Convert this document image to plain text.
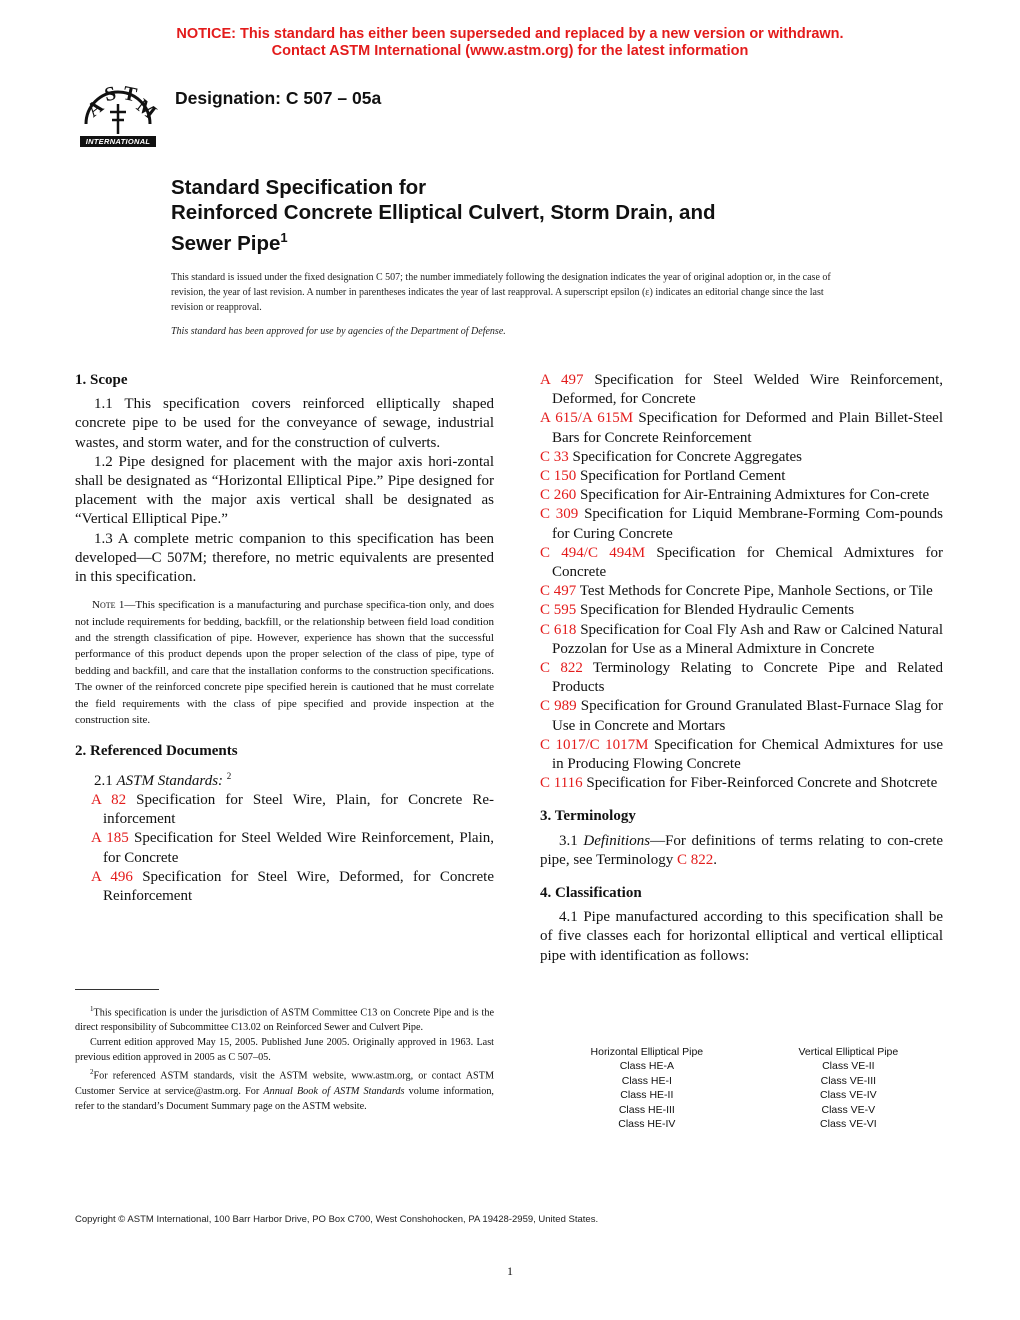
NOTICE: This standard has either been superseded and replaced by a new version or withdrawn.
Contact ASTM International (www.astm.org) for the latest information
A
S T
M
INTERNATIONAL
Designation: C 507 – 05a
Standard Specification for
Reinforced Concrete Elliptical Culvert, Storm Drain, and
Sewer Pipe$^1$
This standard is issued under the fixed designation C 507; the number immediately following the designation indicates the year of original adoption or, in the case of revision, the year of last revision. A number in parentheses indicates the year of last reapproval. A superscript epsilon (ε) indicates an editorial change since the last revision or reapproval.
This standard has been approved for use by agencies of the Department of Defense.

1. Scope

1.1 This specification covers reinforced elliptically shaped concrete pipe to be used for the conveyance of sewage, industrial wastes, and storm water, and for the construction of culverts.

1.2 Pipe designed for placement with the major axis hori-zontal shall be designated as “Horizontal Elliptical Pipe.” Pipe designed for placement with the major axis vertical shall be designated as “Vertical Elliptical Pipe.”

1.3 A complete metric companion to this specification has been developed—C 507M; therefore, no metric equivalents are presented in this specification.

Note 1—This specification is a manufacturing and purchase specifica-tion only, and does not include requirements for bedding, backfill, or the relationship between field load condition and the strength classification of pipe. However, experience has shown that the successful performance of this product depends upon the proper selection of the class of pipe, type of bedding and backfill, and care that the installation conforms to the construction specifications. The owner of the reinforced concrete pipe specified herein is cautioned that he must correlate the field requirements with the class of pipe specified and provide inspection at the construction site.

2. Referenced Documents

2.1 ASTM Standards: $^2$

A 82 Specification for Steel Wire, Plain, for Concrete Re-inforcement

A 185 Specification for Steel Welded Wire Reinforcement, Plain, for Concrete

A 496 Specification for Steel Wire, Deformed, for Concrete Reinforcement

$^1$This specification is under the jurisdiction of ASTM Committee C13 on Concrete Pipe and is the direct responsibility of Subcommittee C13.02 on Reinforced Sewer and Culvert Pipe.

Current edition approved May 15, 2005. Published June 2005. Originally approved in 1963. Last previous edition approved in 2005 as C 507–05.

$^2$For referenced ASTM standards, visit the ASTM website, www.astm.org, or contact ASTM Customer Service at service@astm.org. For Annual Book of ASTM Standards volume information, refer to the standard’s Document Summary page on the ASTM website.

A 497 Specification for Steel Welded Wire Reinforcement, Deformed, for Concrete

A 615/A 615M Specification for Deformed and Plain Billet-Steel Bars for Concrete Reinforcement

C 33 Specification for Concrete Aggregates

C 150 Specification for Portland Cement

C 260 Specification for Air-Entraining Admixtures for Con-crete

C 309 Specification for Liquid Membrane-Forming Com-pounds for Curing Concrete

C 494/C 494M Specification for Chemical Admixtures for Concrete

C 497 Test Methods for Concrete Pipe, Manhole Sections, or Tile

C 595 Specification for Blended Hydraulic Cements

C 618 Specification for Coal Fly Ash and Raw or Calcined Natural Pozzolan for Use as a Mineral Admixture in Concrete

C 822 Terminology Relating to Concrete Pipe and Related Products

C 989 Specification for Ground Granulated Blast-Furnace Slag for Use in Concrete and Mortars

C 1017/C 1017M Specification for Chemical Admixtures for use in Producing Flowing Concrete

C 1116 Specification for Fiber-Reinforced Concrete and Shotcrete

3. Terminology

3.1 Definitions—For definitions of terms relating to con-crete pipe, see Terminology C 822.

4. Classification

4.1 Pipe manufactured according to this specification shall be of five classes each for horizontal elliptical and vertical elliptical pipe with identification as follows:

Horizontal Elliptical Pipe	Vertical Elliptical Pipe
Class HE-A	Class VE-II
Class HE-I	Class VE-III
Class HE-II	Class VE-IV
Class HE-III	Class VE-V
Class HE-IV	Class VE-VI
Copyright © ASTM International, 100 Barr Harbor Drive, PO Box C700, West Conshohocken, PA 19428-2959, United States.
1
